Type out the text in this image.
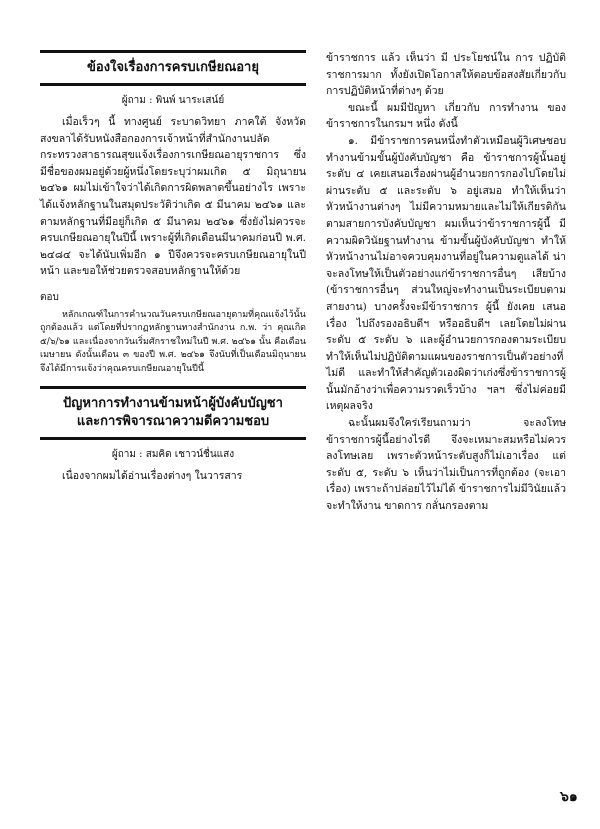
ข้องใจเรื่องการครบเกษียณอายุ
ผู้ถาม : พินพ์ นาระเสน์ย์

เมื่อเร็วๆ นี้ ทางศูนย์ ระบาดวิทยา ภาคใต้ จังหวัดสงขลาได้รับหนังสือกองการเจ้าหน้าที่สำนักงานปลัดกระทรวงสาธารณสุขแจ้งเรื่องการเกษียณอายุราชการ ซึ่งมีชื่อของผมอยู่ด้วยผู้หนึ่งโดยระบุว่าผมเกิด ๕ มิถุนายน ๒๔๖๑ ผมไม่เข้าใจว่าได้เกิดการผิดพลาดขึ้นอย่างไร เพราะได้แจ้งหลักฐานในสมุดประวัติว่าเกิด ๕ มีนาคม ๒๔๖๑ และตามหลักฐานที่มีอยู่ก็เกิด ๕ มีนาคม ๒๔๖๑ ซึ่งยังไม่ควรจะครบเกษียณอายุในปีนี้ เพราะผู้ที่เกิดเดือนมีนาคมก่อนปี พ.ศ. ๒๔๘๔ จะได้นับเพิ่มอีก ๑ ปีจึงควรจะครบเกษียณอายุในปีหน้า และขอให้ช่วยตรวจสอบหลักฐานให้ด้วย

ตอบ

หลักเกณฑ์ในการคำนวณวันครบเกษียณอายุตามที่คุณแจ้งไว้นั้นถูกต้องแล้ว แต่โดยที่ปรากฏหลักฐานทางสำนักงาน ก.พ. ว่า คุณเกิด ๕/๖/๖๑ และเนื่องจากวันเริ่มศักราชใหม่ในปี พ.ศ. ๒๔๖๑ นั้น คือเดือนเมษายน ดังนั้นเดือน ๓ ของปี พ.ศ. ๒๔๖๑ จึงนับที่เป็นเดือนมิถุนายน จึงได้มีการแจ้งว่าคุณครบเกษียณอายุในปีนี้

ปัญหาการทำงานข้ามหน้าผู้บังคับบัญชา
และการพิจารณาความดีความชอบ
ผู้ถาม : สมคิด เชาวน์ชื่นแสง

เนื่องจากผมได้อ่านเรื่องต่างๆ ในวารสาร

ข้าราชการ แล้ว เห็นว่า มี ประโยชน์ใน การ ปฏิบัติราชการมาก ทั้งยังเปิดโอกาสให้ตอบข้อสงสัยเกี่ยวกับการปฏิบัติหน้าที่ต่างๆ ด้วย

ขณะนี้ ผมมีปัญหา เกี่ยวกับ การทำงาน ของข้าราชการในกรมฯ หนึ่ง ดังนี้

๑. มีข้าราชการคนหนึ่งทำตัวเหมือนผู้วิเศษชอบทำงานข้ามขั้นผู้บังคับบัญชา คือ ข้าราชการผู้นั้นอยู่ระดับ ๔ เคยเสนอเรื่องผ่านผู้อำนวยการกองไปโดยไม่ผ่านระดับ ๕ และระดับ ๖ อยู่เสมอ ทำให้เห็นว่าหัวหน้างานต่างๆ ไม่มีความหมายและไม่ให้เกียรติกันตามสายการบังคับบัญชา ผมเห็นว่าข้าราชการผู้นี้ มีความผิดวินัยฐานทำงาน ข้ามขั้นผู้บังคับบัญชา ทำให้หัวหน้างานไม่อาจควบคุมงานที่อยู่ในความดูแลได้ น่าจะลงโทษให้เป็นตัวอย่างแก่ข้าราชการอื่นๆ เสียบ้าง (ข้าราชการอื่นๆ ส่วนใหญ่จะทำงานเป็นระเบียบตามสายงาน) บางครั้งจะมีข้าราชการ ผู้นี้ ยังเคย เสนอ เรื่อง ไปถึงรองอธิบดีฯ หรืออธิบดีฯ เลยโดยไม่ผ่านระดับ ๕ ระดับ ๖ และผู้อำนวยการกองตามระเบียบ ทำให้เห็นไม่ปฏิบัติตามแผนของราชการเป็นตัวอย่างที่ไม่ดี และทำให้สำคัญตัวเองผิดว่าเก่งซึ่งข้าราชการผู้นั้นมักอ้างว่าเพื่อความรวดเร็วบ้าง ฯลฯ ซึ่งไม่ค่อยมีเหตุผลจริง

ฉะนั้นผมจึงใคร่เรียนถามว่า จะลงโทษข้าราชการผู้นี้อย่างไรดี จึงจะเหมาะสมหรือไม่ควรลงโทษเลย เพราะตัวหน้าระดับสูงก็ไม่เอาเรื่อง แต่ระดับ ๕, ระดับ ๖ เห็นว่าไม่เป็นการที่ถูกต้อง (จะเอาเรื่อง) เพราะถ้าปล่อยไว้ไม่ได้ ข้าราชการไม่มีวินัยแล้วจะทำให้งาน ขาดการ กลั่นกรองตาม

๖๑
